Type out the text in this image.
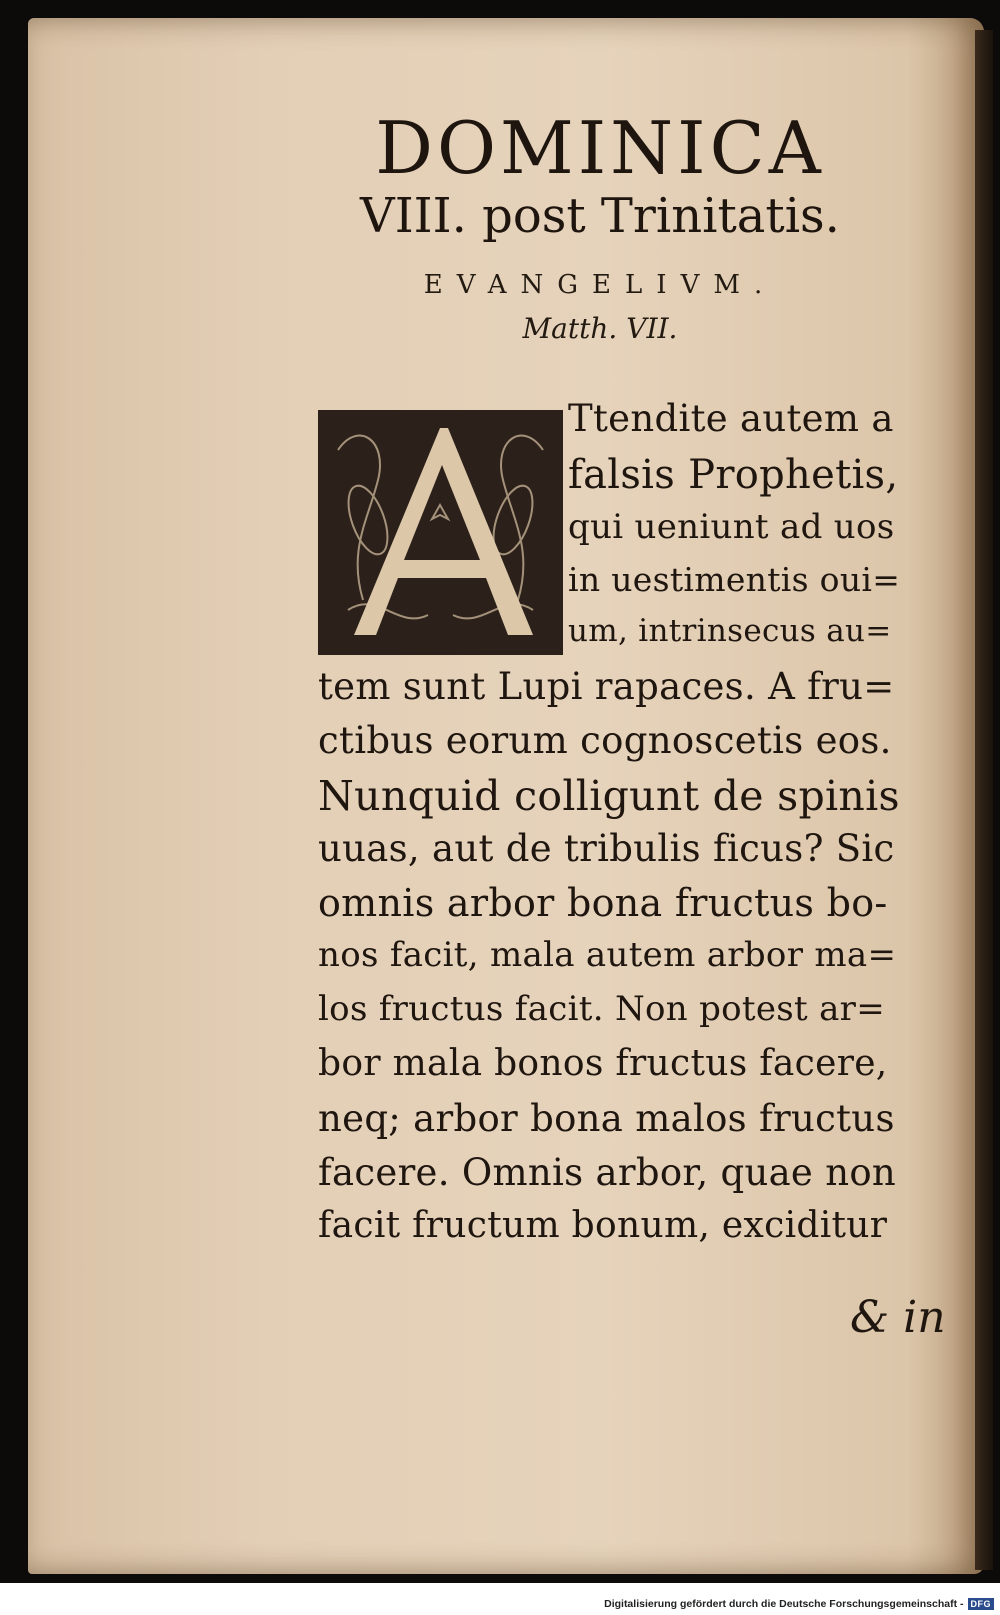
DOMINICA
VIII. post Trinitatis.
EVANGELIVM.
Matth. VII.
Ttendite autem a
falsis Prophetis,
qui ueniunt ad uos
in uestimentis oui=
um, intrinsecus au=
tem sunt Lupi rapaces. A fru=
ctibus eorum cognoscetis eos.
Nunquid colligunt de spinis
uuas, aut de tribulis ficus? Sic
omnis arbor bona fructus bo-
nos facit, mala autem arbor ma=
los fructus facit. Non potest ar=
bor mala bonos fructus facere,
neq; arbor bona malos fructus
facere. Omnis arbor, quae non
facit fructum bonum, exciditur
& in
Digitalisierung gefördert durch die Deutsche Forschungsgemeinschaft - DFG
